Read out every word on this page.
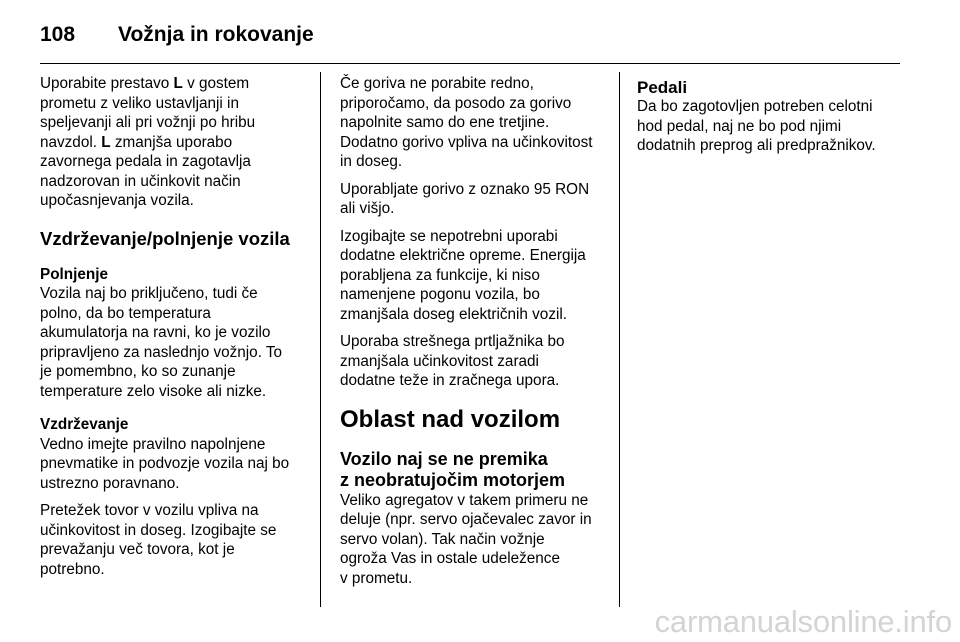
108	Vožnja in rokovanje

Uporabite prestavo L v gostem
prometu z veliko ustavljanji in
speljevanji ali pri vožnji po hribu
navzdol. L zmanjša uporabo
zavornega pedala in zagotavlja
nadzorovan in učinkovit način
upočasnjevanja vozila.

Vzdrževanje/polnjenje vozila
Polnjenje

Vozila naj bo priključeno, tudi če
polno, da bo temperatura
akumulatorja na ravni, ko je vozilo
pripravljeno za naslednjo vožnjo. To
je pomembno, ko so zunanje
temperature zelo visoke ali nizke.

Vzdrževanje

Vedno imejte pravilno napolnjene
pnevmatike in podvozje vozila naj bo
ustrezno poravnano.

Pretežek tovor v vozilu vpliva na
učinkovitost in doseg. Izogibajte se
prevažanju več tovora, kot je
potrebno.

Če goriva ne porabite redno,
priporočamo, da posodo za gorivo
napolnite samo do ene tretjine.
Dodatno gorivo vpliva na učinkovitost
in doseg.

Uporabljate gorivo z oznako 95 RON
ali višjo.

Izogibajte se nepotrebni uporabi
dodatne električne opreme. Energija
porabljena za funkcije, ki niso
namenjene pogonu vozila, bo
zmanjšala doseg električnih vozil.

Uporaba strešnega prtljažnika bo
zmanjšala učinkovitost zaradi
dodatne teže in zračnega upora.

Oblast nad vozilom
Vozilo naj se ne premika
z neobratujočim motorjem

Veliko agregatov v takem primeru ne
deluje (npr. servo ojačevalec zavor in
servo volan). Tak način vožnje
ogroža Vas in ostale udeležence
v prometu.

Pedali

Da bo zagotovljen potreben celotni
hod pedal, naj ne bo pod njimi
dodatnih preprog ali predpražnikov.

carmanualsonline.info
